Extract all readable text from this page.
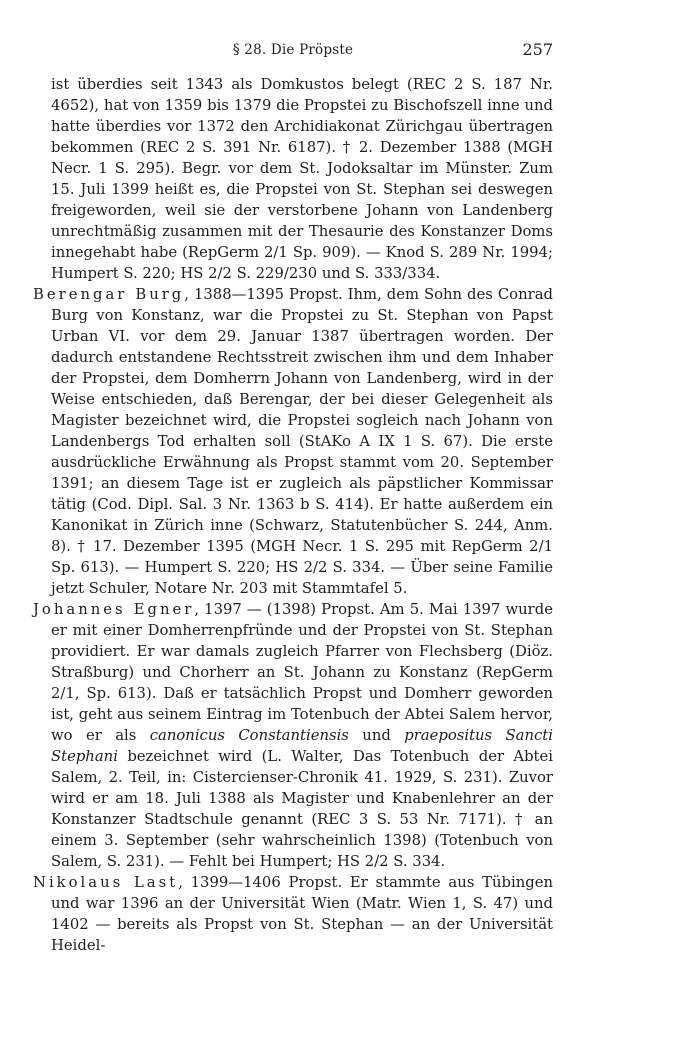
§ 28. Die Pröpste	257

ist überdies seit 1343 als Domkustos belegt (REC 2 S. 187 Nr. 4652), hat von 1359 bis 1379 die Propstei zu Bischofszell inne und hatte überdies vor 1372 den Archidiakonat Zürichgau übertragen bekommen (REC 2 S. 391 Nr. 6187). † 2. Dezember 1388 (MGH Necr. 1 S. 295). Begr. vor dem St. Jodoksaltar im Münster. Zum 15. Juli 1399 heißt es, die Propstei von St. Stephan sei deswegen freigeworden, weil sie der verstorbene Johann von Landenberg unrechtmäßig zusammen mit der Thesaurie des Konstanzer Doms innegehabt habe (RepGerm 2/1 Sp. 909). — Knod S. 289 Nr. 1994; Humpert S. 220; HS 2/2 S. 229/230 und S. 333/334.

Berengar Burg, 1388—1395 Propst. Ihm, dem Sohn des Conrad Burg von Konstanz, war die Propstei zu St. Stephan von Papst Urban VI. vor dem 29. Januar 1387 übertragen worden. Der dadurch entstandene Rechtsstreit zwischen ihm und dem Inhaber der Propstei, dem Domherrn Johann von Landenberg, wird in der Weise entschieden, daß Berengar, der bei dieser Gelegenheit als Magister bezeichnet wird, die Propstei sogleich nach Johann von Landenbergs Tod erhalten soll (StAKo A IX 1 S. 67). Die erste ausdrückliche Erwähnung als Propst stammt vom 20. September 1391; an diesem Tage ist er zugleich als päpstlicher Kommissar tätig (Cod. Dipl. Sal. 3 Nr. 1363 b S. 414). Er hatte außerdem ein Kanonikat in Zürich inne (Schwarz, Statutenbücher S. 244, Anm. 8). † 17. Dezember 1395 (MGH Necr. 1 S. 295 mit RepGerm 2/1 Sp. 613). — Humpert S. 220; HS 2/2 S. 334. — Über seine Familie jetzt Schuler, Notare Nr. 203 mit Stammtafel 5.

Johannes Egner, 1397 — (1398) Propst. Am 5. Mai 1397 wurde er mit einer Domherrenpfründe und der Propstei von St. Stephan providiert. Er war damals zugleich Pfarrer von Flechsberg (Diöz. Straßburg) und Chorherr an St. Johann zu Konstanz (RepGerm 2/1, Sp. 613). Daß er tatsächlich Propst und Domherr geworden ist, geht aus seinem Eintrag im Totenbuch der Abtei Salem hervor, wo er als canonicus Constantiensis und praepositus Sancti Stephani bezeichnet wird (L. Walter, Das Totenbuch der Abtei Salem, 2. Teil, in: Cistercienser-Chronik 41. 1929, S. 231). Zuvor wird er am 18. Juli 1388 als Magister und Knabenlehrer an der Konstanzer Stadtschule genannt (REC 3 S. 53 Nr. 7171). † an einem 3. September (sehr wahrscheinlich 1398) (Totenbuch von Salem, S. 231). — Fehlt bei Humpert; HS 2/2 S. 334.

Nikolaus Last, 1399—1406 Propst. Er stammte aus Tübingen und war 1396 an der Universität Wien (Matr. Wien 1, S. 47) und 1402 — bereits als Propst von St. Stephan — an der Universität Heidel-
